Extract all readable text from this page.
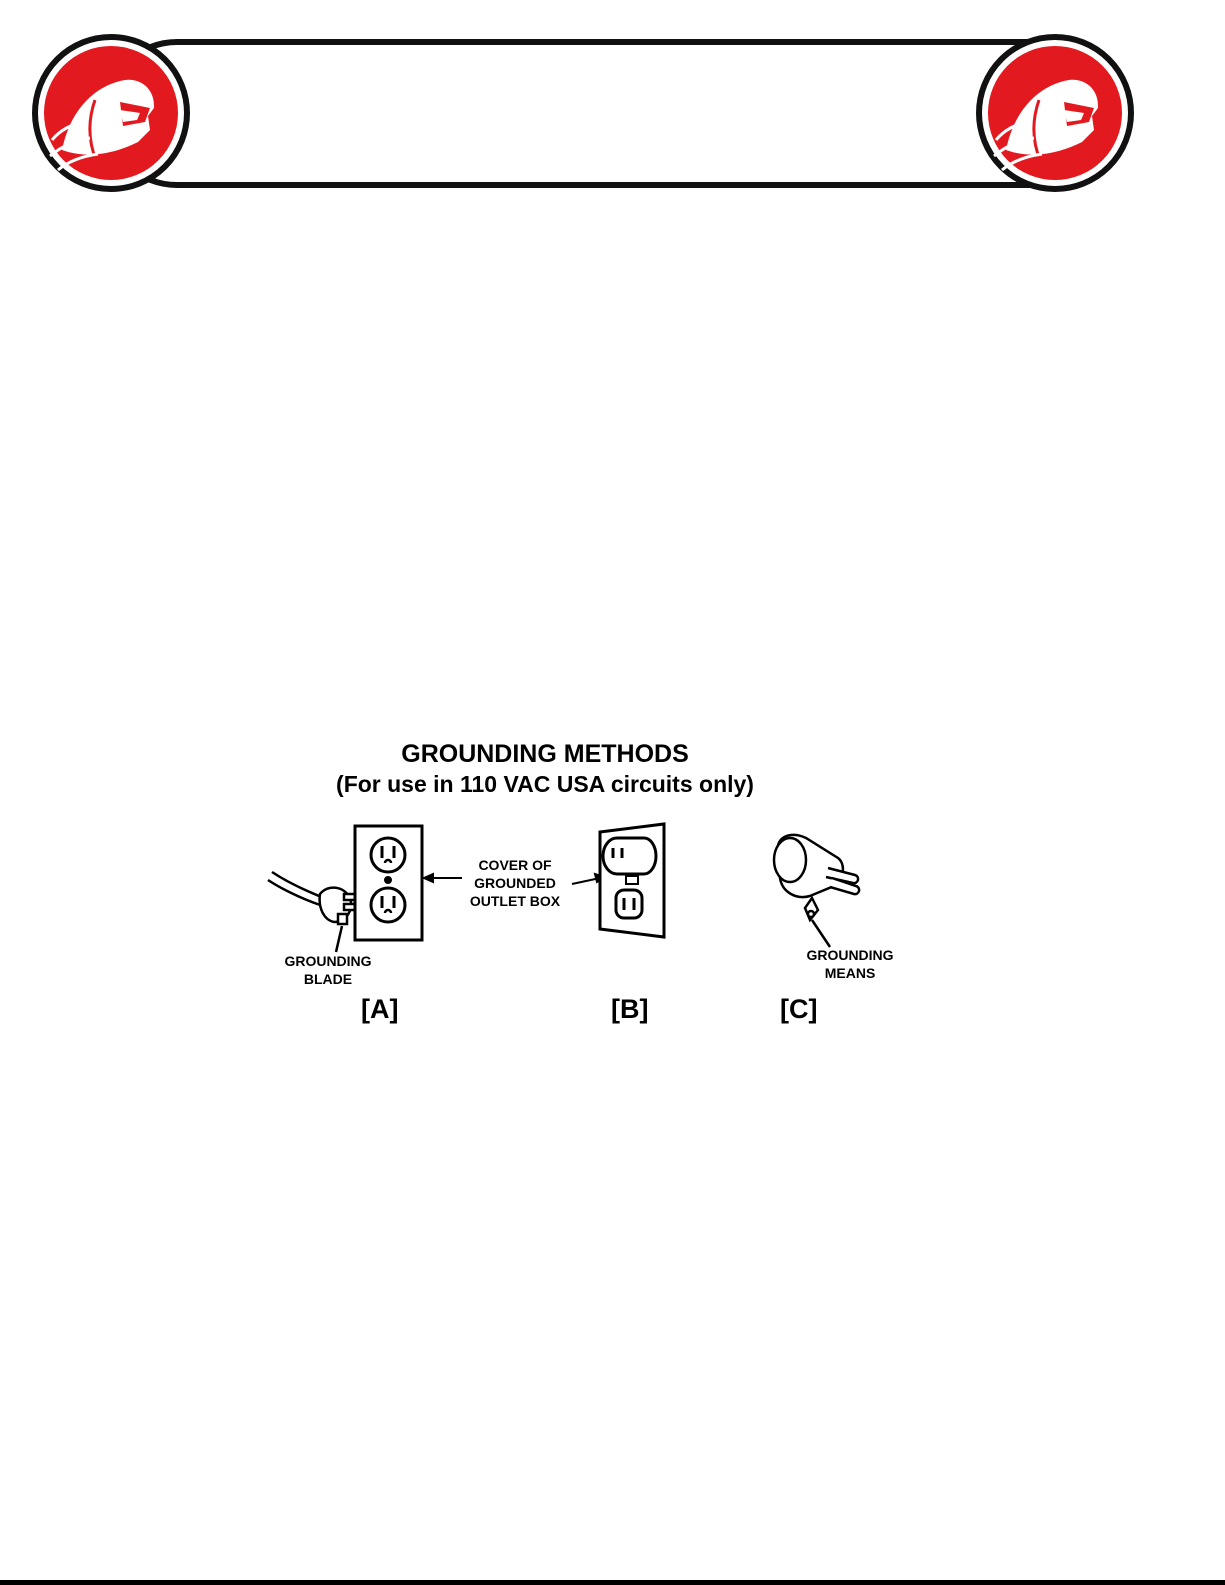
GROUNDING METHODS
(For use in 110 VAC USA circuits only)
GROUNDING
BLADE
COVER OF
GROUNDED
OUTLET BOX
GROUNDING
MEANS
[A]	[B]	[C]
